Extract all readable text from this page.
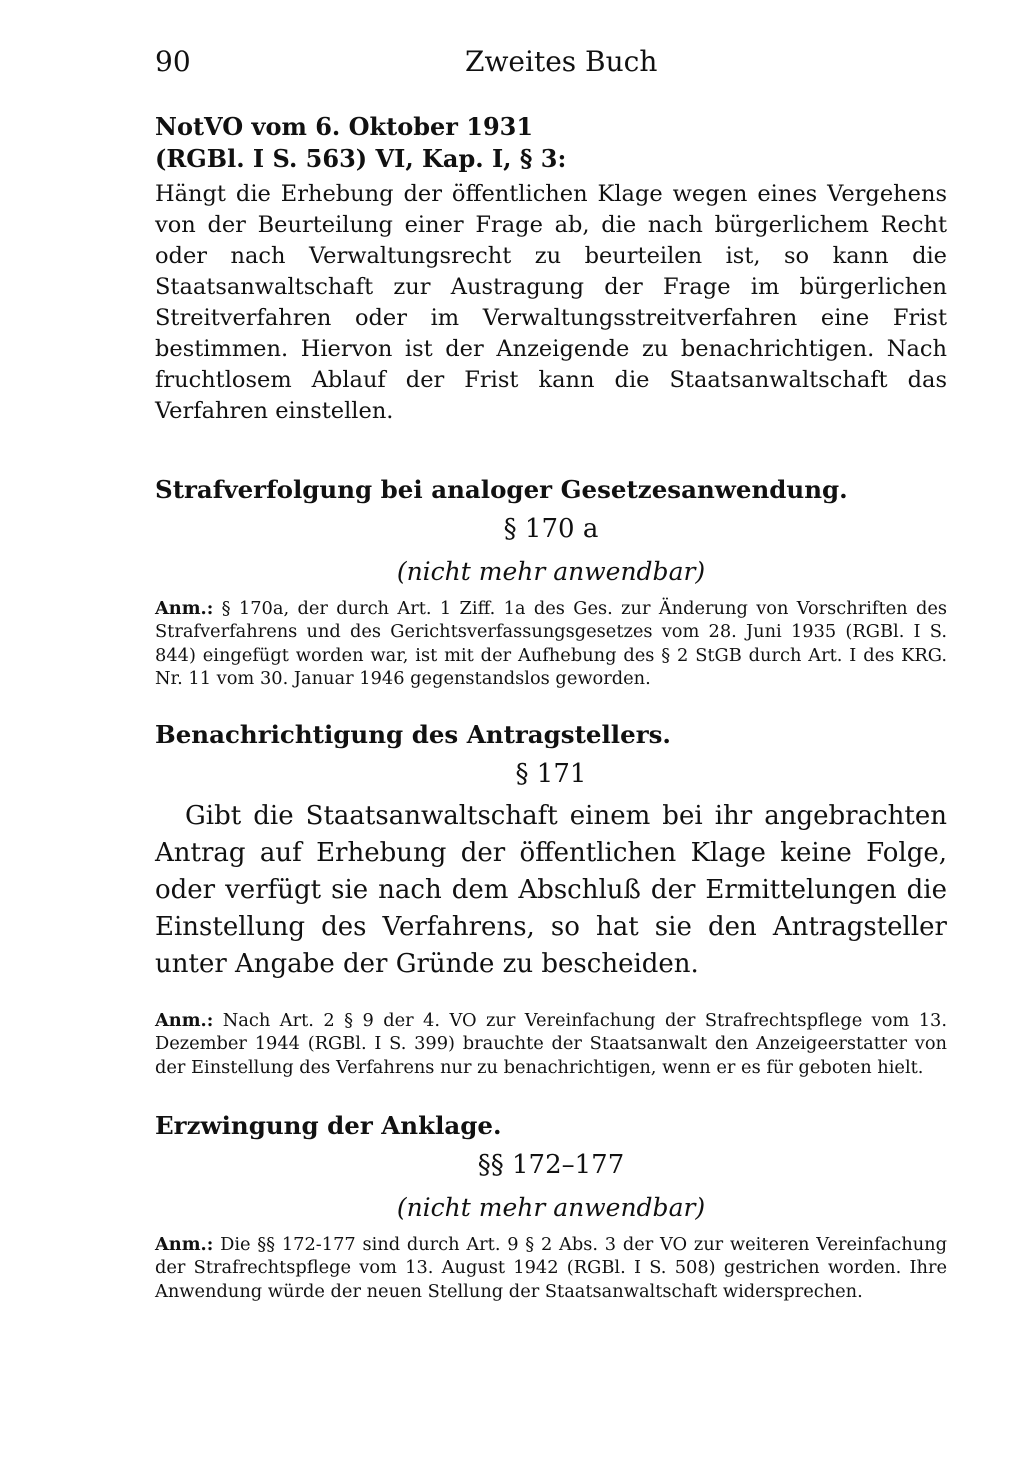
90	Zweites Buch
NotVO vom 6. Oktober 1931
(RGBl. I S. 563) VI, Kap. I, § 3:

Hängt die Erhebung der öffentlichen Klage wegen eines Vergehens von der Beurteilung einer Frage ab, die nach bürgerlichem Recht oder nach Verwaltungsrecht zu beurteilen ist, so kann die Staatsanwaltschaft zur Austragung der Frage im bürgerlichen Streitverfahren oder im Verwaltungsstreitverfahren eine Frist bestimmen. Hiervon ist der Anzeigende zu benachrichtigen. Nach fruchtlosem Ablauf der Frist kann die Staatsanwaltschaft das Verfahren einstellen.

Strafverfolgung bei analoger Gesetzesanwendung.
§ 170 a
(nicht mehr anwendbar)
Anm.: § 170a, der durch Art. 1 Ziff. 1a des Ges. zur Änderung von Vorschriften des Strafverfahrens und des Gerichtsverfassungsgesetzes vom 28. Juni 1935 (RGBl. I S. 844) eingefügt worden war, ist mit der Aufhebung des § 2 StGB durch Art. I des KRG. Nr. 11 vom 30. Januar 1946 gegenstandslos geworden.
Benachrichtigung des Antragstellers.
§ 171

Gibt die Staatsanwaltschaft einem bei ihr angebrachten Antrag auf Erhebung der öffentlichen Klage keine Folge, oder verfügt sie nach dem Abschluß der Ermittelungen die Einstellung des Verfahrens, so hat sie den Antragsteller unter Angabe der Gründe zu bescheiden.

Anm.: Nach Art. 2 § 9 der 4. VO zur Vereinfachung der Strafrechtspflege vom 13. Dezember 1944 (RGBl. I S. 399) brauchte der Staatsanwalt den Anzeigeerstatter von der Einstellung des Verfahrens nur zu benachrichtigen, wenn er es für geboten hielt.
Erzwingung der Anklage.
§§ 172–177
(nicht mehr anwendbar)
Anm.: Die §§ 172-177 sind durch Art. 9 § 2 Abs. 3 der VO zur weiteren Vereinfachung der Strafrechtspflege vom 13. August 1942 (RGBl. I S. 508) gestrichen worden. Ihre Anwendung würde der neuen Stellung der Staatsanwaltschaft widersprechen.
